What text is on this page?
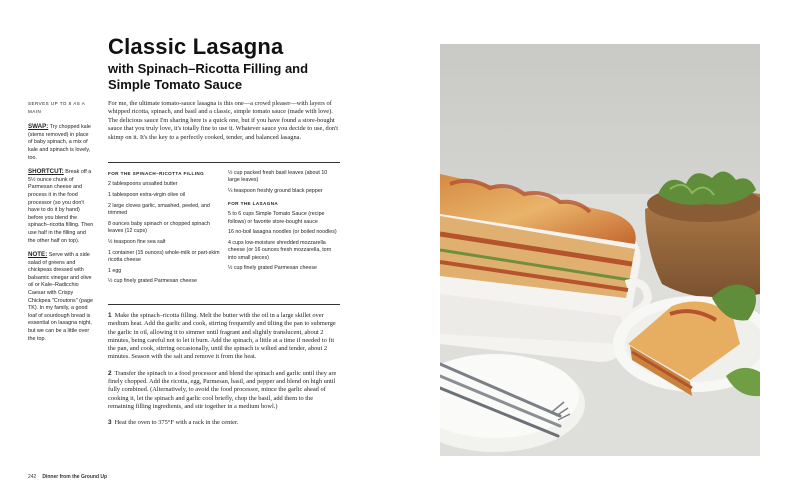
Classic Lasagna
with Spinach–Ricotta Filling and Simple Tomato Sauce
SERVES UP TO 8 AS A MAIN
SWAP: Try chopped kale (stems removed) in place of baby spinach, a mix of kale and spinach is lovely, too.
SHORTCUT: Break off a 5½ ounce chunk of Parmesan cheese and process it in the food processor (so you don't have to do it by hand) before you blend the spinach–ricotta filling. Then use half in the filling and the other half on top).
NOTE: Serve with a side salad of greens and chickpeas dressed with balsamic vinegar and olive oil or Kale–Radicchio Caesar with Crispy Chickpea "Croutons" (page TK). In my family, a good loaf of sourdough bread is essential on lasagna night, but we can be a little over the top.
For me, the ultimate tomato-sauce lasagna is this one—a crowd pleaser—with layers of whipped ricotta, spinach, and basil and a classic, simple tomato sauce (made with love). The delicious sauce I'm sharing here is a quick one, but if you have found a store-bought sauce that you truly love, it's totally fine to use it. Whatever sauce you decide to use, don't skimp on it. It's the key to a perfectly cooked, tender, and balanced lasagna.
FOR THE SPINACH–RICOTTA FILLING
2 tablespoons unsalted butter
1 tablespoon extra-virgin olive oil
2 large cloves garlic, smashed, peeled, and trimmed
8 ounces baby spinach or chopped spinach leaves (12 cups)
½ teaspoon fine sea salt
1 container (15 ounces) whole-milk or part-skim ricotta cheese
1 egg
½ cup finely grated Parmesan cheese
½ cup packed fresh basil leaves (about 10 large leaves)
¼ teaspoon freshly ground black pepper
FOR THE LASAGNA
5 to 6 cups Simple Tomato Sauce (recipe follows) or favorite store-bought sauce
16 no-boil lasagna noodles (or boiled noodles)
4 cups low-moisture shredded mozzarella cheese (or 16 ounces fresh mozzarella, torn into small pieces)
½ cup finely grated Parmesan cheese
1 Make the spinach–ricotta filling. Melt the butter with the oil in a large skillet over medium heat. Add the garlic and cook, stirring frequently and tilting the pan to submerge the garlic in oil, allowing it to simmer until fragrant and slightly translucent, about 2 minutes, being careful not to let it burn. Add the spinach, a little at a time if needed to fit the pan, and cook, stirring occasionally, until the spinach is wilted and tender, about 2 minutes. Season with the salt and remove it from the heat.
2 Transfer the spinach to a food processor and blend the spinach and garlic until they are finely chopped. Add the ricotta, egg, Parmesan, basil, and pepper and blend on high until fully combined. (Alternatively, to avoid the food processor, mince the garlic ahead of cooking it, let the spinach and garlic cool briefly, chop the basil, add them to the remaining filling ingredients, and stir together in a medium bowl.)
3 Heat the oven to 375°F with a rack in the center.
242 Dinner from the Ground Up
